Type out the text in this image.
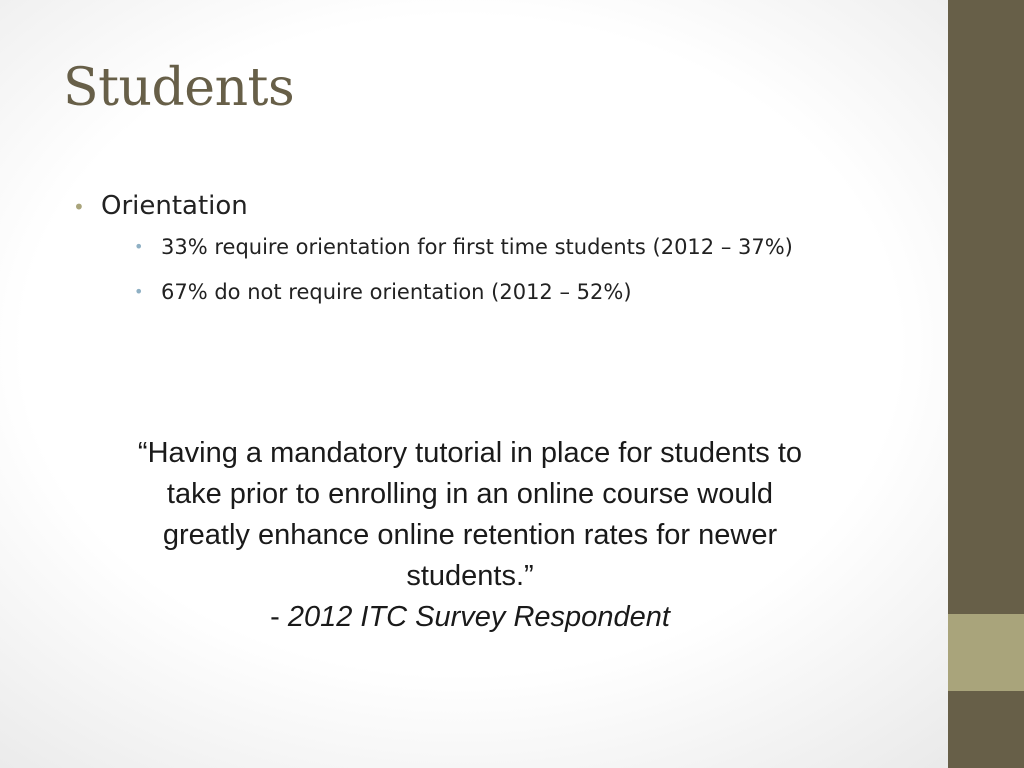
Students
• Orientation
• 33% require orientation for first time students (2012 – 37%)
• 67% do not require orientation (2012 – 52%)
“Having a mandatory tutorial in place for students to take prior to enrolling in an online course would greatly enhance online retention rates for newer students.”
- 2012 ITC Survey Respondent
